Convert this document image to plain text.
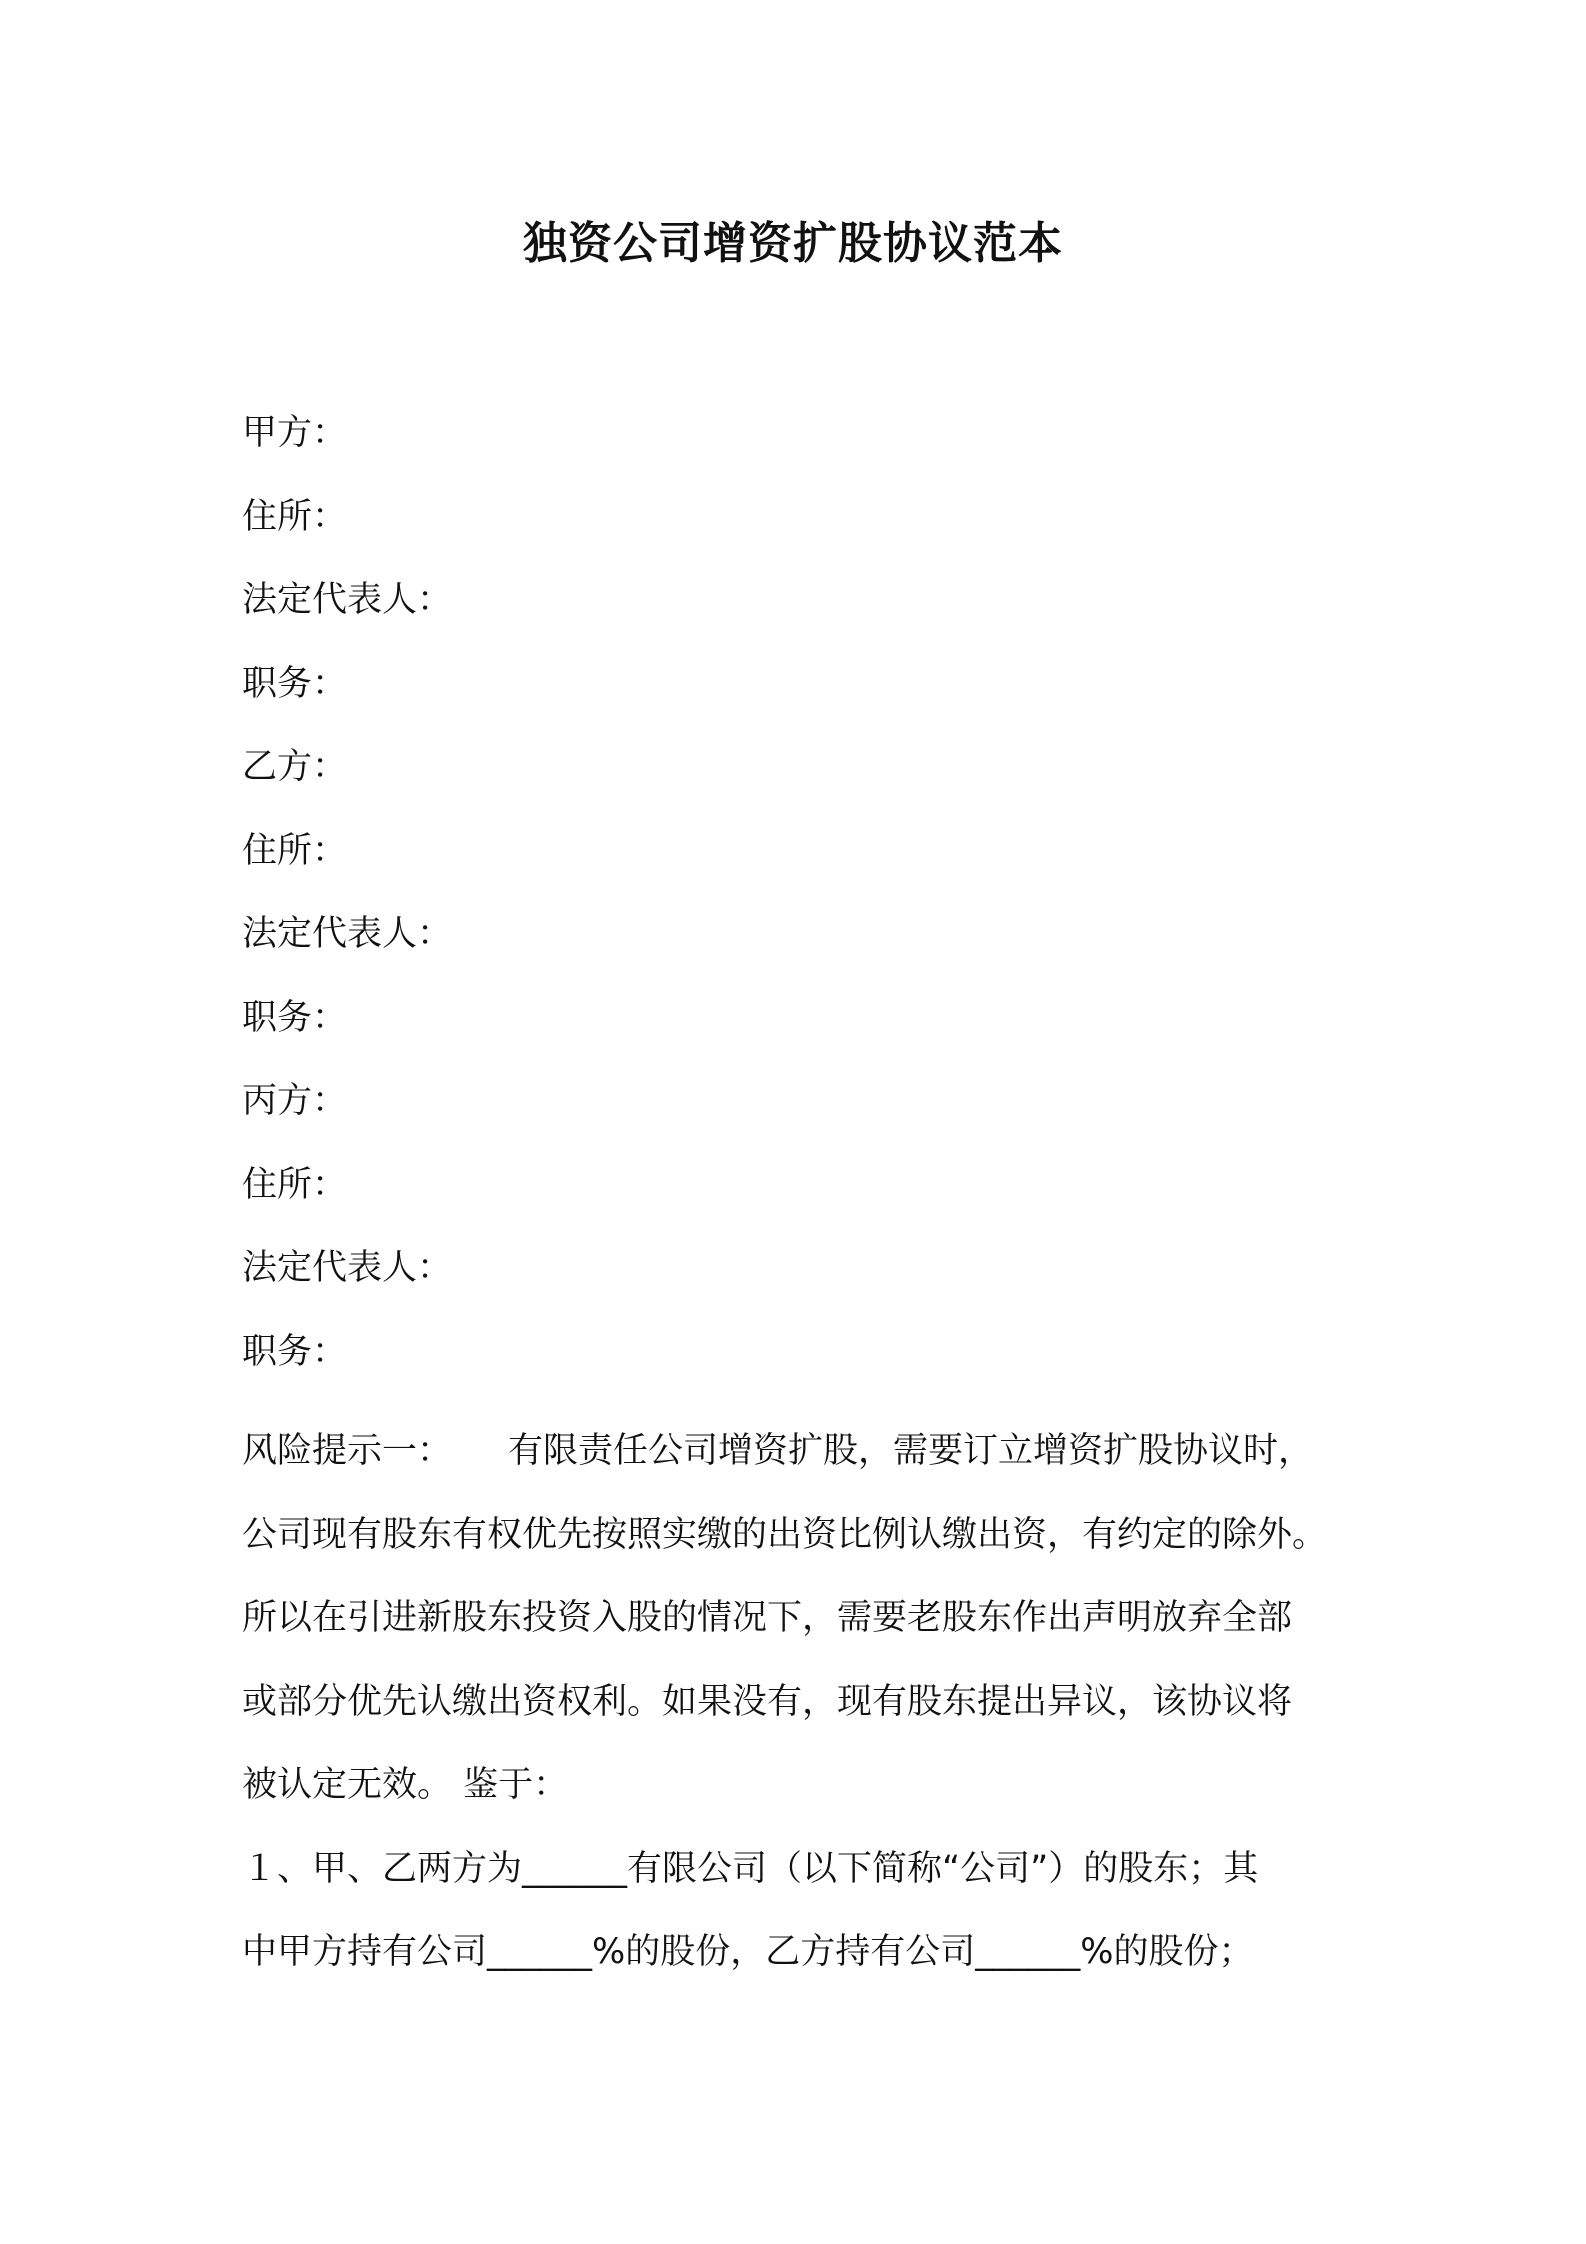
独资公司增资扩股协议范本
甲方：
住所：
法定代表人：
职务：
乙方：
住所：
法定代表人：
职务：
丙方：
住所：
法定代表人：
职务：
风险提示一： 有限责任公司增资扩股，需要订立增资扩股协议时，
公司现有股东有权优先按照实缴的出资比例认缴出资，有约定的除外。
所以在引进新股东投资入股的情况下，需要老股东作出声明放弃全部
或部分优先认缴出资权利。如果没有，现有股东提出异议，该协议将
被认定无效。 鉴于：
１、甲、乙两方为______有限公司（以下简称“公司”）的股东；其
中甲方持有公司______%的股份，乙方持有公司______%的股份；
